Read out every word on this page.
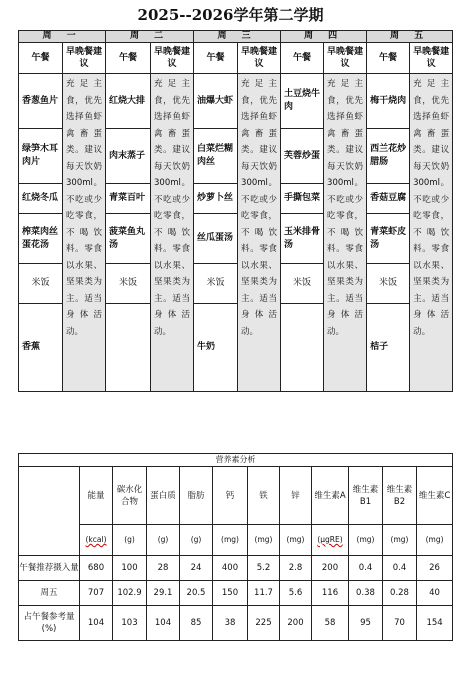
2025--2026学年第二学期
周 一		周 二		周 三		周 四		周 五	
午餐	早晚餐建议	午餐	早晚餐建议	午餐	早晚餐建议	午餐	早晚餐建议	午餐	早晚餐建议
香葱鱼片	充足主食，优先选择鱼虾禽畜蛋类。建议每天饮奶300ml。不吃或少吃零食，不喝饮料。零食以水果、坚果类为主。适当身体活动。	红烧大排	充足主食，优先选择鱼虾禽畜蛋类。建议每天饮奶300ml。不吃或少吃零食，不喝饮料。零食以水果、坚果类为主。适当身体活动。	油爆大虾	充足主食，优先选择鱼虾禽畜蛋类。建议每天饮奶300ml。不吃或少吃零食，不喝饮料。零食以水果、坚果类为主。适当身体活动。	土豆烧牛肉	充足主食，优先选择鱼虾禽畜蛋类。建议每天饮奶300ml。不吃或少吃零食，不喝饮料。零食以水果、坚果类为主。适当身体活动。	梅干烧肉	充足主食，优先选择鱼虾禽畜蛋类。建议每天饮奶300ml。不吃或少吃零食，不喝饮料。零食以水果、坚果类为主。适当身体活动。
绿笋木耳肉片		肉末蒸子		白菜烂糊肉丝		芙蓉炒蛋		西兰花炒腊肠	
红烧冬瓜		青菜百叶		炒萝卜丝		手撕包菜		香菇豆腐	
榨菜肉丝蛋花汤		菠菜鱼丸汤		丝瓜蛋汤		玉米排骨汤		青菜虾皮汤	
米饭		米饭		米饭		米饭		米饭	
香蕉				牛奶				桔子	
营养素分析											
	能量	碳水化合物	蛋白质	脂肪	钙	铁	锌	维生素A	维生素B1	维生素B2	维生素C
	(kcal)	(g)	(g)	(g)	(mg)	(mg)	(mg)	(μgRE)	(mg)	(mg)	(mg)
午餐推荐摄入量	680	100	28	24	400	5.2	2.8	200	0.4	0.4	26
周五	707	102.9	29.1	20.5	150	11.7	5.6	116	0.38	0.28	40
占午餐参考量(%)	104	103	104	85	38	225	200	58	95	70	154
